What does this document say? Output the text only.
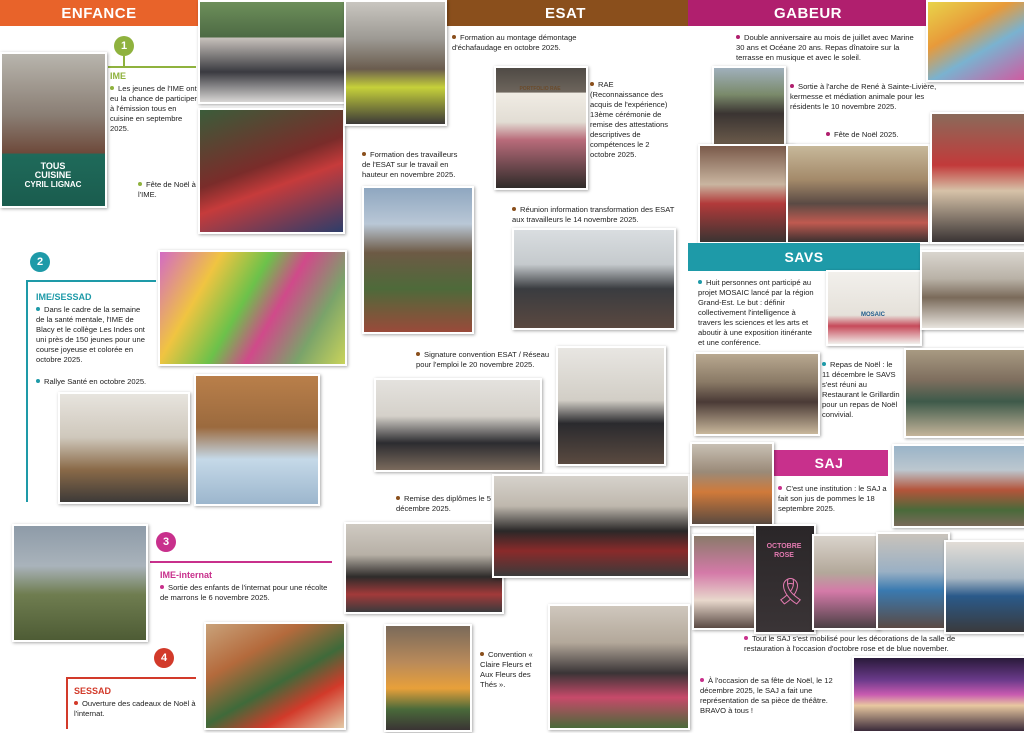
ENFANCE	ESAT	GABEUR
1
IME
Les jeunes de l'IME ont eu la chance de participer à l'émission tous en cuisine en septembre 2025.
Fête de Noël à l'IME.
TOUS
CUISINE
CYRIL LIGNAC
2
IME/SESSAD
Dans le cadre de la semaine de la santé mentale, l'IME de Blacy et le collège Les Indes ont uni près de 150 jeunes pour une course joyeuse et colorée en octobre 2025.
Rallye Santé en octobre 2025.
3
IME-internat
Sortie des enfants de l'internat pour une récolte de marrons le 6 novembre 2025.
4
SESSAD
Ouverture des cadeaux de Noël à l'internat.
Formation au montage démontage d'échafaudage en octobre 2025.
Formation des travailleurs de l'ESAT sur le travail en hauteur en novembre 2025.
PORTFOLIO RAE	RAE (Reconnaissance des acquis de l'expérience) 13ème cérémonie de remise des attestations descriptives de compétences le 2 octobre 2025.
Réunion information transformation des ESAT aux travailleurs le 14 novembre 2025.
Signature convention ESAT / Réseau pour l'emploi le 20 novembre 2025.
Remise des diplômes le 5 décembre 2025.
Convention « Claire Fleurs et Aux Fleurs des Thés ».
Double anniversaire au mois de juillet avec Marine 30 ans et Océane 20 ans. Repas dînatoire sur la terrasse en musique et avec le soleil.
Sortie à l'arche de René à Sainte-Livière, kermesse et médiation animale pour les résidents le 10 novembre 2025.
Fête de Noël 2025.
SAVS
Huit personnes ont participé au projet MOSAIC lancé par la région Grand-Est. Le but : définir collectivement l'intelligence à travers les sciences et les arts et aboutir à une exposition itinérante et une conférence.
MOSAIC
Repas de Noël : le 11 décembre le SAVS s'est réuni au Restaurant le Grillardin pour un repas de Noël convivial.
SAJ
C'est une institution : le SAJ a fait son jus de pommes le 18 septembre 2025.
OCTOBRE ROSE
🎗
Tout le SAJ s'est mobilisé pour les décorations de la salle de restauration à l'occasion d'octobre rose et de blue november.
À l'occasion de sa fête de Noël, le 12 décembre 2025, le SAJ a fait une représentation de sa pièce de théâtre. BRAVO à tous !
